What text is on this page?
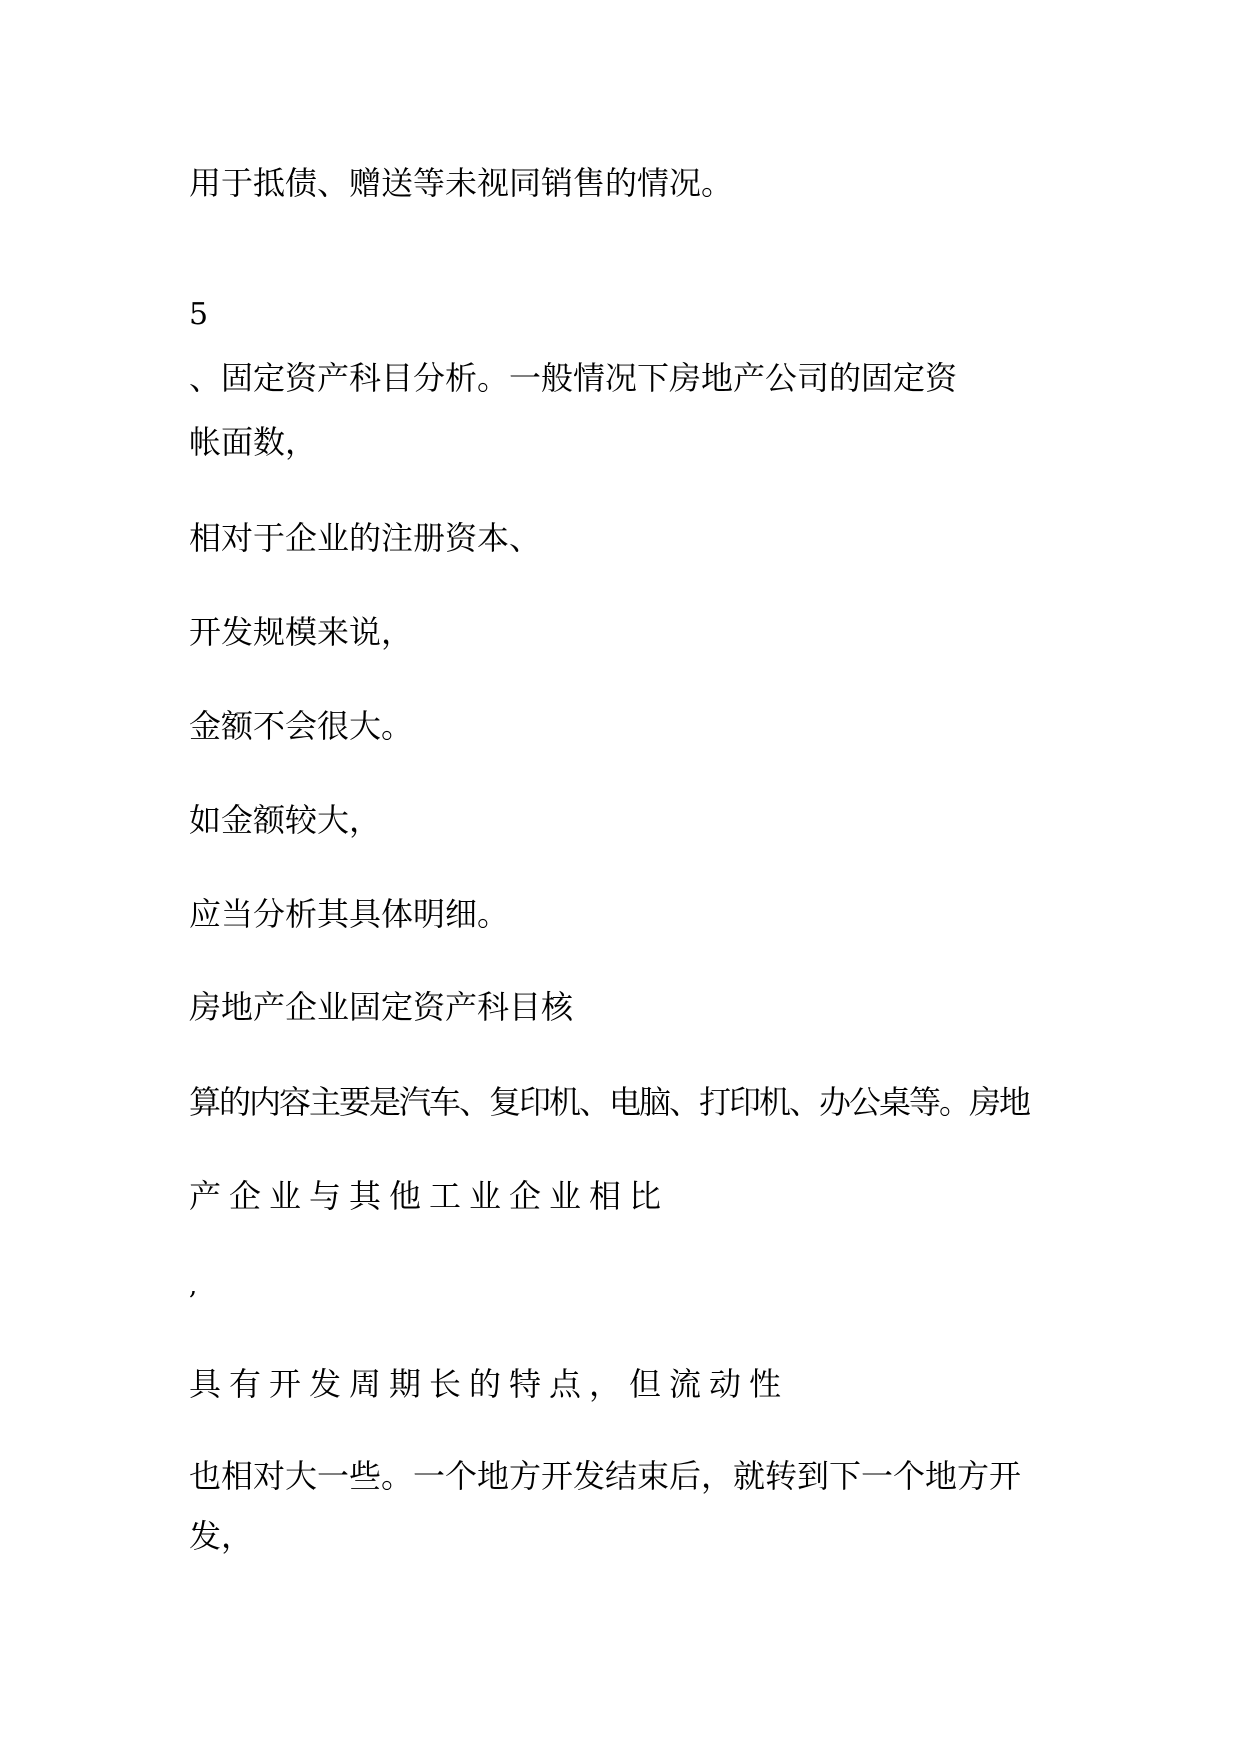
用于抵债、赠送等未视同销售的情况。

5

、固定资产科目分析。一般情况下房地产公司的固定资

帐面数，

相对于企业的注册资本、

开发规模来说，

金额不会很大。

如金额较大，

应当分析其具体明细。

房地产企业固定资产科目核

算的内容主要是汽车、复印机、电脑、打印机、办公桌等。房地

产企业与其他工业企业相比

,

具有开发周期长的特点，但流动性

也相对大一些。一个地方开发结束后，就转到下一个地方开

发，
